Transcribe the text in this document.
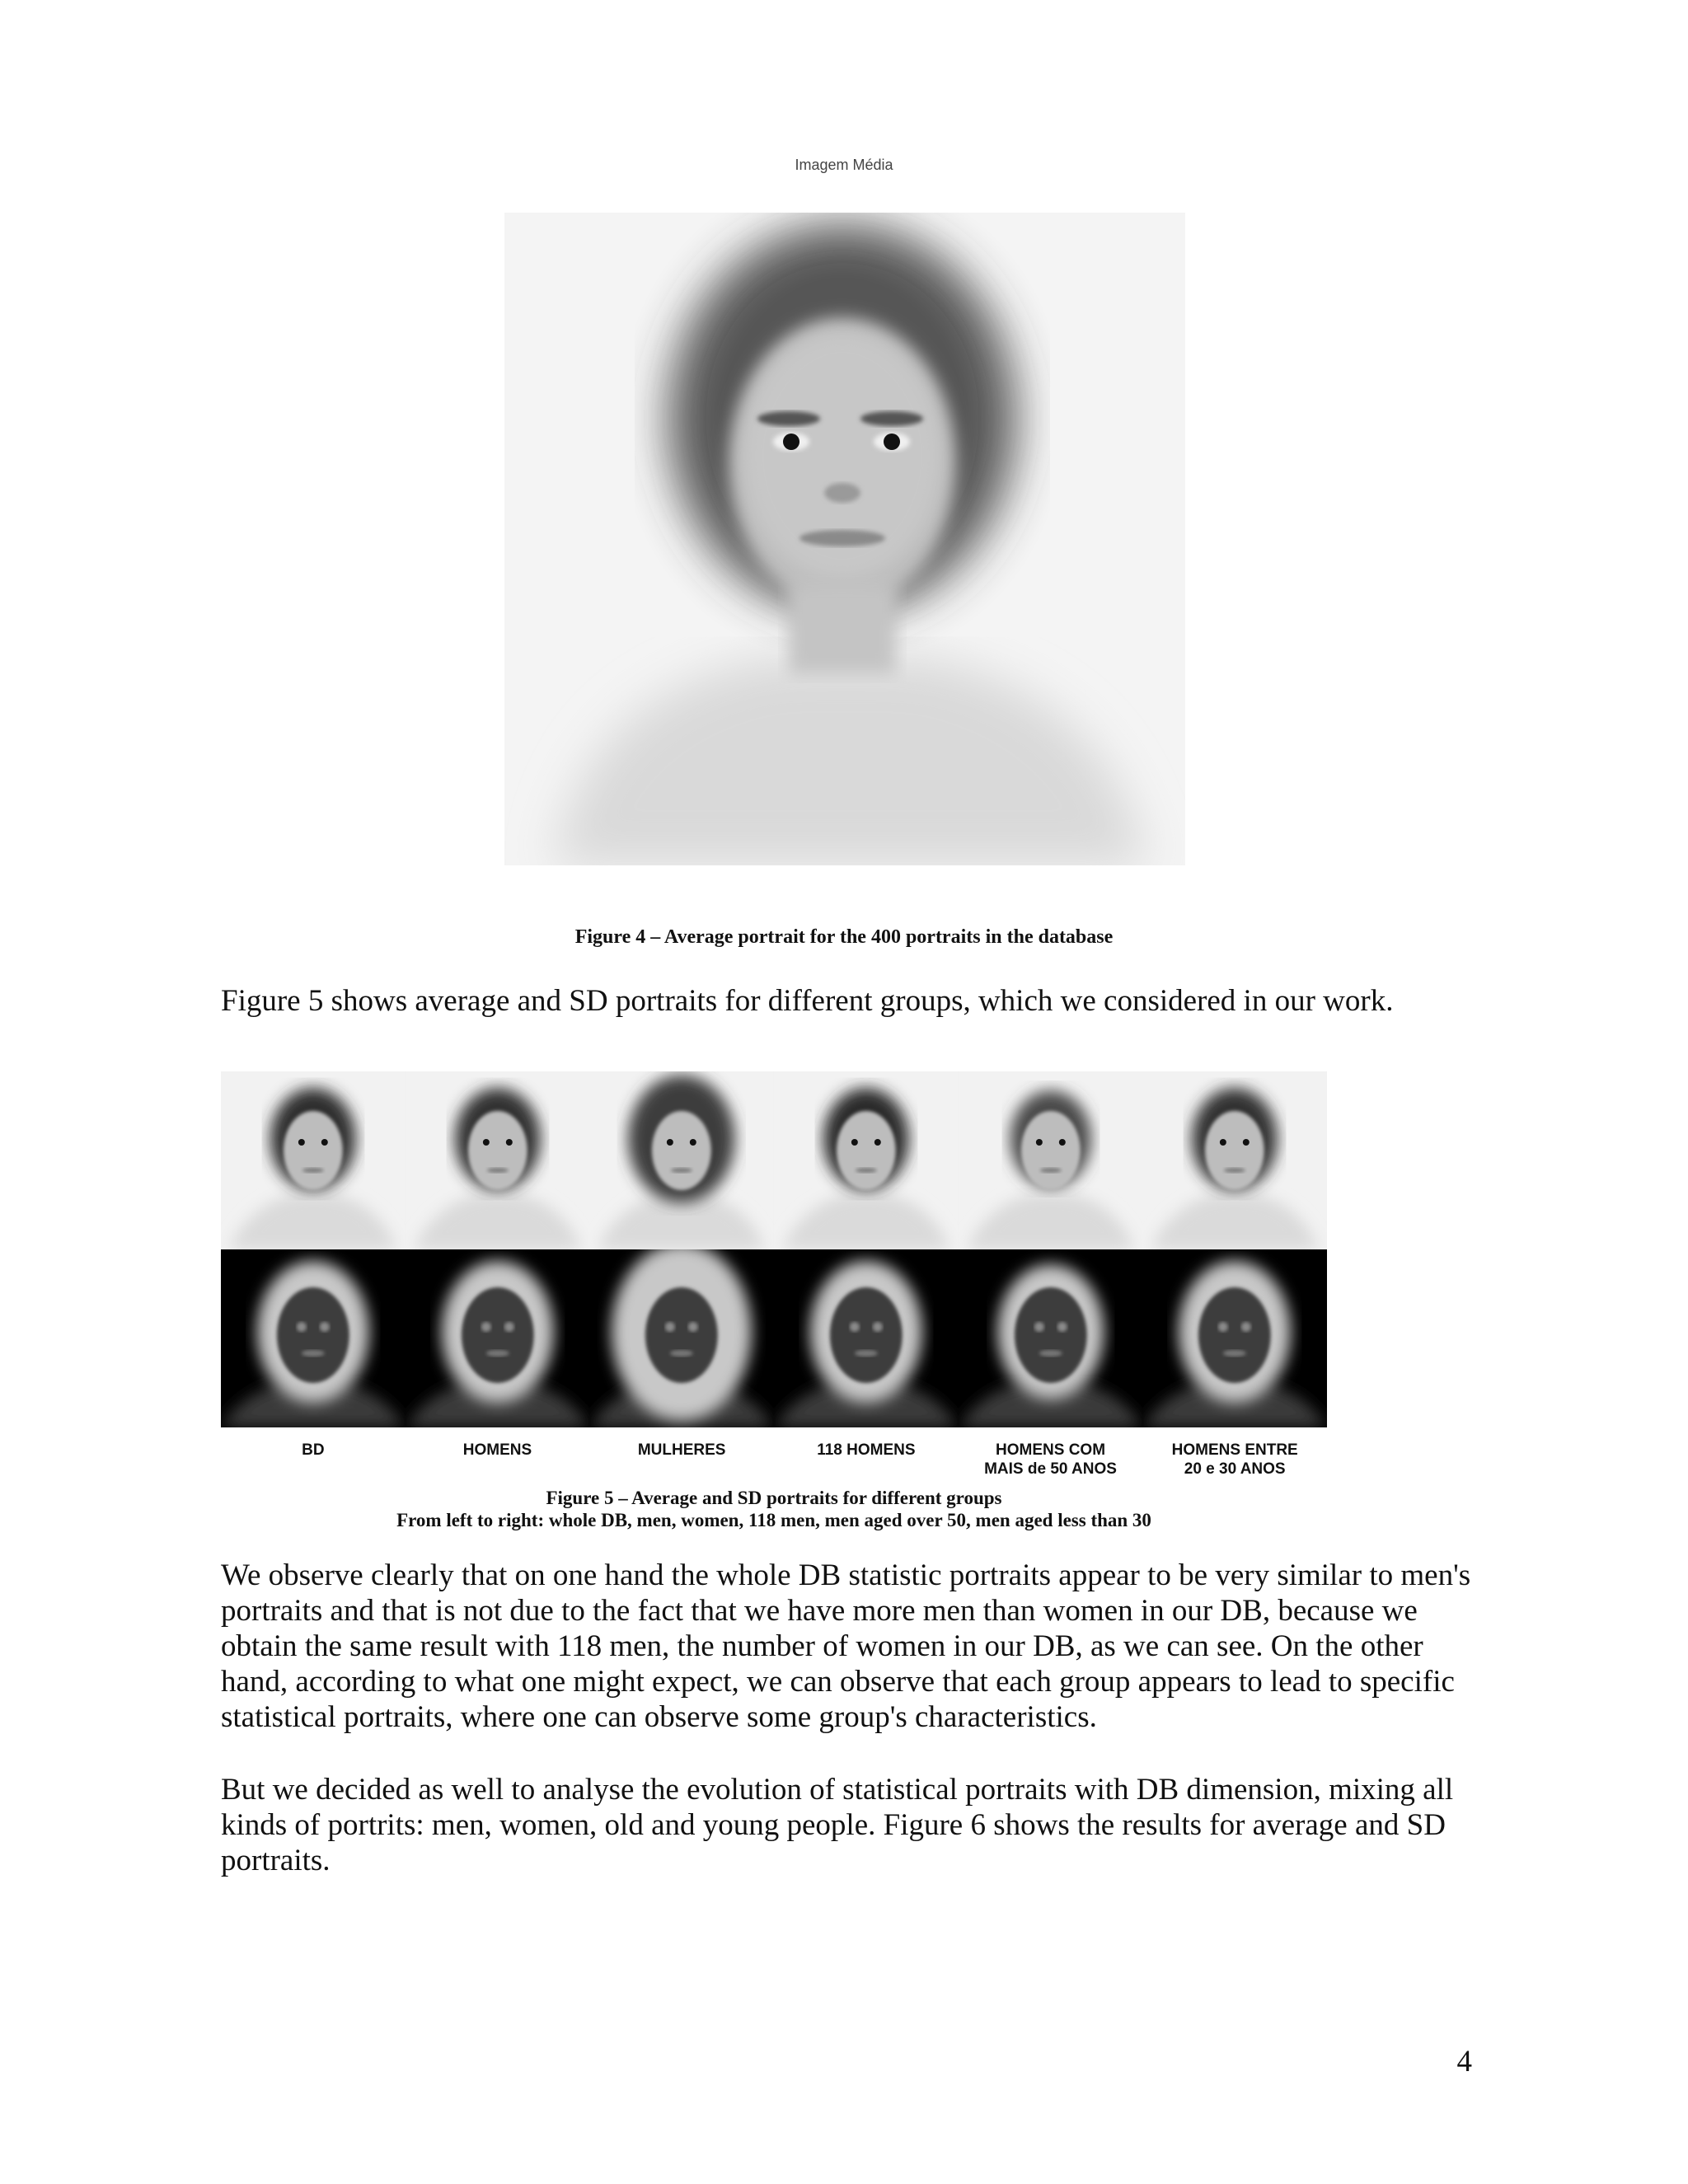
Imagem Média
Figure 4 – Average portrait for the 400 portraits in the database
Figure 5 shows average and SD portraits for different groups, which we considered in our work.
BD	HOMENS	MULHERES	118 HOMENS	HOMENS COM
MAIS de 50 ANOS
HOMENS ENTRE
20 e 30 ANOS
Figure 5 – Average and SD portraits for different groups
From left to right: whole DB, men, women, 118 men, men aged over 50, men aged less than 30
We observe clearly that on one hand the whole DB statistic portraits appear to be very similar to men's portraits and that is not due to the fact that we have more men than women in our DB, because we obtain the same result with 118 men, the number of women in our DB, as we can see. On the other hand, according to what one might expect, we can observe that each group appears to lead to specific statistical portraits, where one can observe some group's characteristics.
But we decided as well to analyse the evolution of statistical portraits with DB dimension, mixing all kinds of portrits: men, women, old and young people. Figure 6 shows the results for average and SD portraits.
4
